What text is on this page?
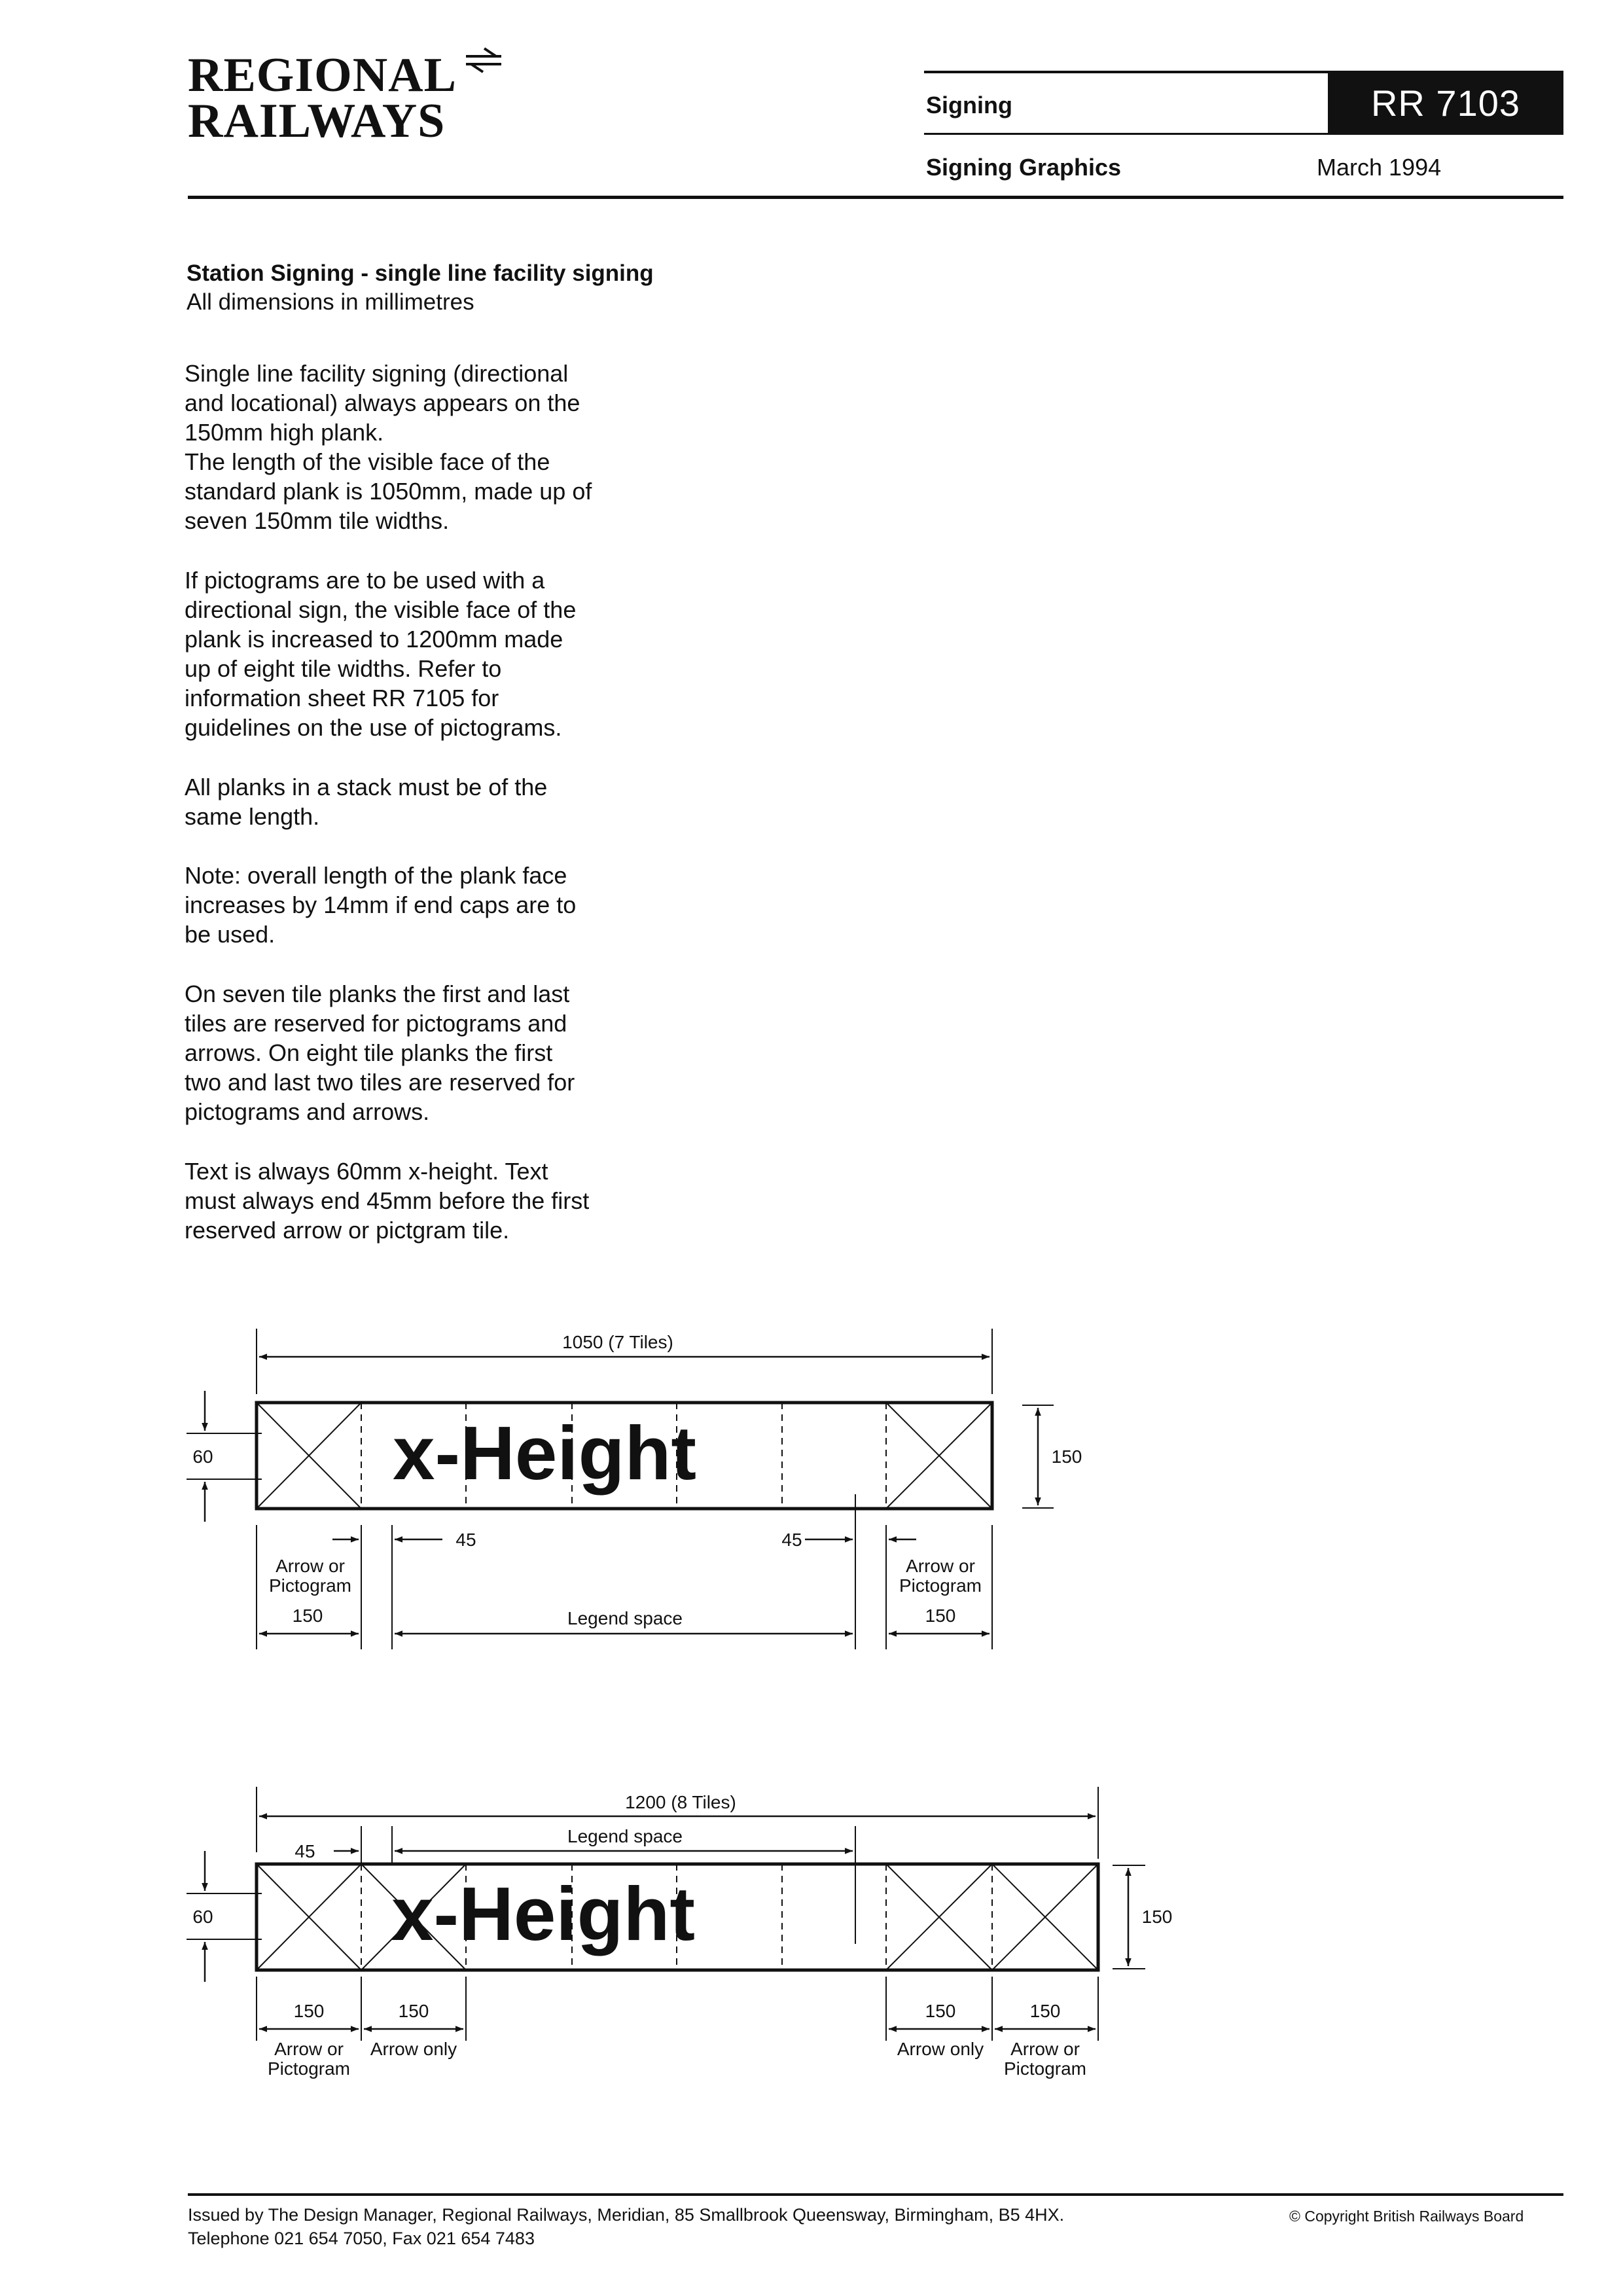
REGIONAL
RAILWAYS	Signing	RR 7103
Signing Graphics	March 1994
Station Signing - single line facility signing
All dimensions in millimetres

Single line facility signing (directional
and locational) always appears on the
150mm high plank.
The length of the visible face of the
standard plank is 1050mm, made up of
seven 150mm tile widths.

If pictograms are to be used with a
directional sign, the visible face of the
plank is increased to 1200mm made
up of eight tile widths. Refer to
information sheet RR 7105 for
guidelines on the use of pictograms.

All planks in a stack must be of the
same length.

Note: overall length of the plank face
increases by 14mm if end caps are to
be used.

On seven tile planks the first and last
tiles are reserved for pictograms and
arrows. On eight tile planks the first
two and last two tiles are reserved for
pictograms and arrows.

Text is always 60mm x-height. Text
must always end 45mm before the first
reserved arrow or pictgram tile.

1050 (7 Tiles)
x-Height
60	150
45	45
Arrow or
Pictogram
150	Legend space
Arrow or
Pictogram
150
1200 (8 Tiles)
Legend space
45
x-Height
60	150
150
Arrow or
Pictogram
150
Arrow only
150
Arrow only
150
Arrow or
Pictogram
Issued by The Design Manager, Regional Railways, Meridian, 85 Smallbrook Queensway, Birmingham, B5 4HX.
Telephone 021 654 7050, Fax 021 654 7483
© Copyright British Railways Board
